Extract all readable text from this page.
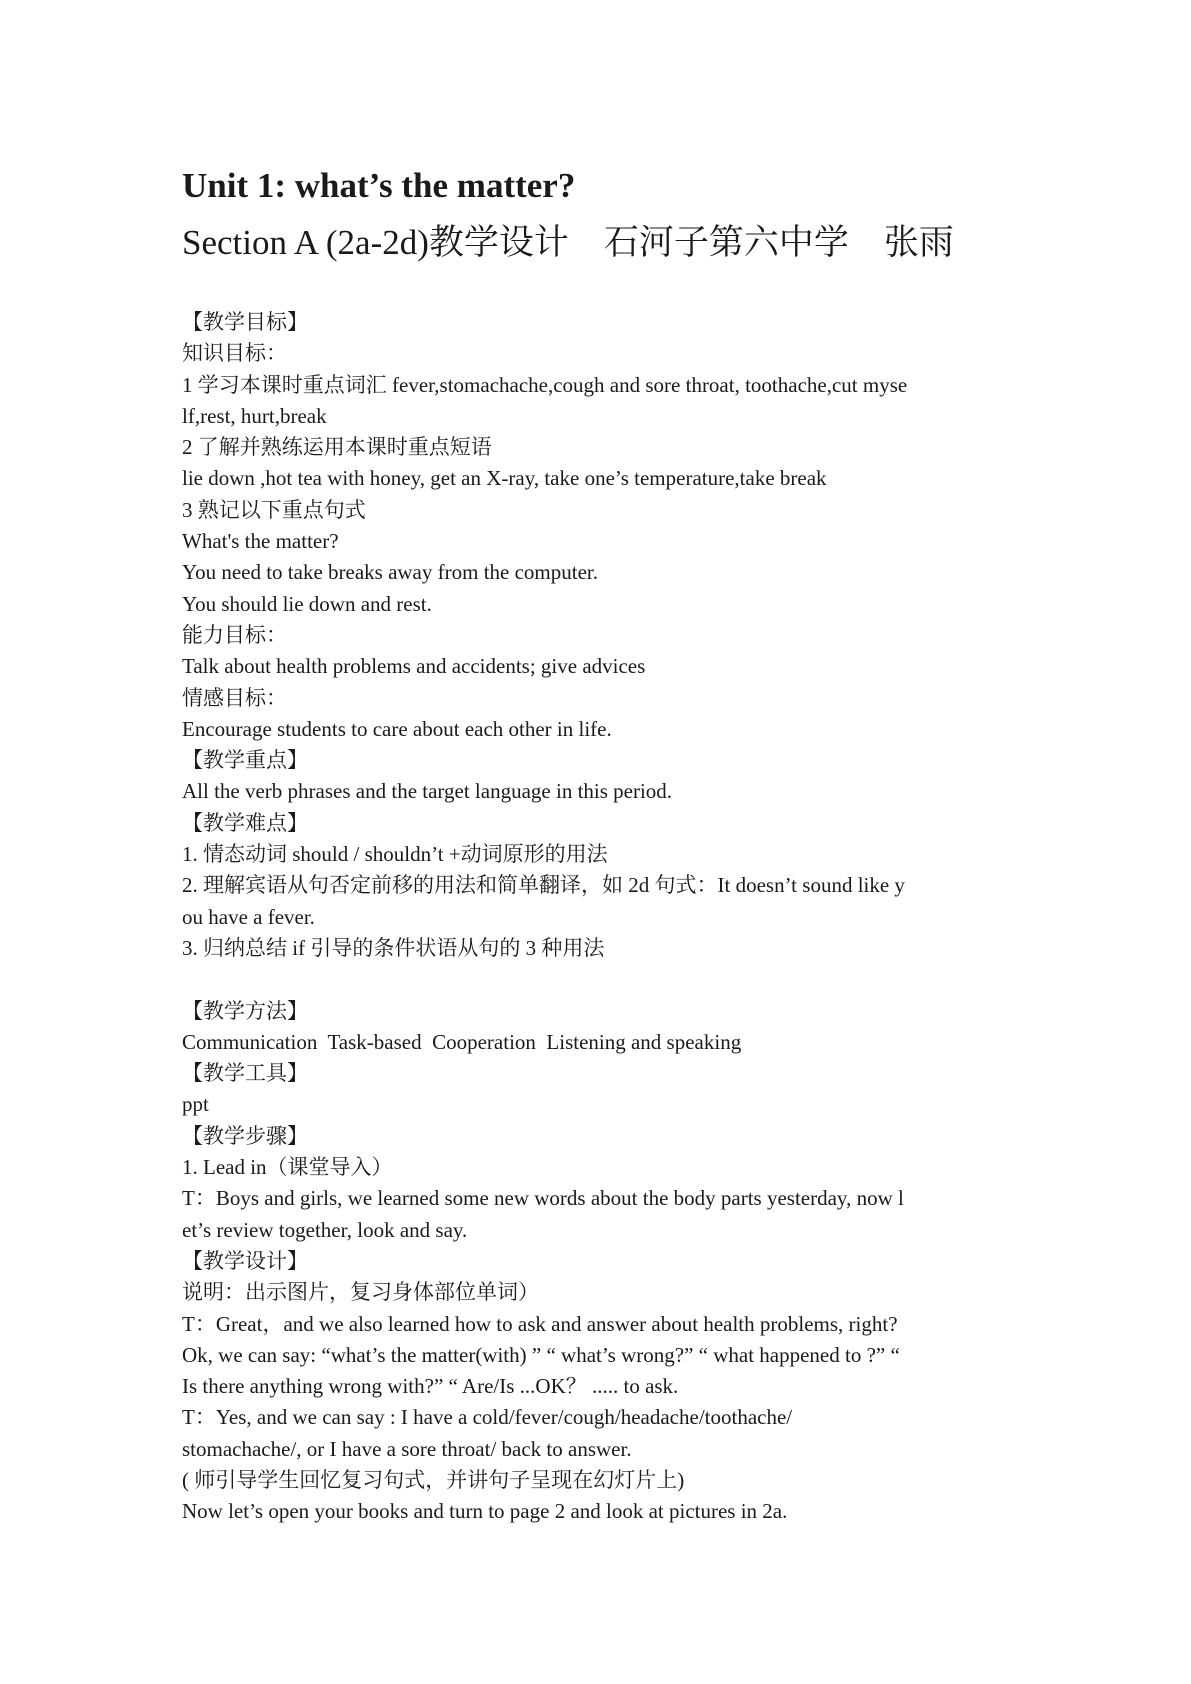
Unit 1: what’s the matter?
Section A (2a-2d)教学设计    石河子第六中学    张雨
【教学目标】
知识目标：
1 学习本课时重点词汇 fever,stomachache,cough and sore throat, toothache,cut myse
lf,rest, hurt,break
2 了解并熟练运用本课时重点短语
lie down ,hot tea with honey, get an X-ray, take one’s temperature,take break
3 熟记以下重点句式
What's the matter?
You need to take breaks away from the computer.
You should lie down and rest.
能力目标：
Talk about health problems and accidents; give advices
情感目标：
Encourage students to care about each other in life.
【教学重点】
All the verb phrases and the target language in this period.
【教学难点】
1. 情态动词 should / shouldn’t +动词原形的用法
2. 理解宾语从句否定前移的用法和简单翻译，如 2d 句式：It doesn’t sound like y
ou have a fever.
3. 归纳总结 if 引导的条件状语从句的 3 种用法
【教学方法】
Communication  Task-based  Cooperation  Listening and speaking
【教学工具】
ppt
【教学步骤】
1. Lead in（课堂导入）
T：Boys and girls, we learned some new words about the body parts yesterday, now l
et’s review together, look and say.
【教学设计】
说明：出示图片，复习身体部位单词）
T：Great，and we also learned how to ask and answer about health problems, right?
Ok, we can say: “what’s the matter(with) ” “ what’s wrong?” “ what happened to ?” “
Is there anything wrong with?” “ Are/Is ...OK？ ..... to ask.
T：Yes, and we can say : I have a cold/fever/cough/headache/toothache/
stomachache/, or I have a sore throat/ back to answer.
( 师引导学生回忆复习句式，并讲句子呈现在幻灯片上)
Now let’s open your books and turn to page 2 and look at pictures in 2a.
